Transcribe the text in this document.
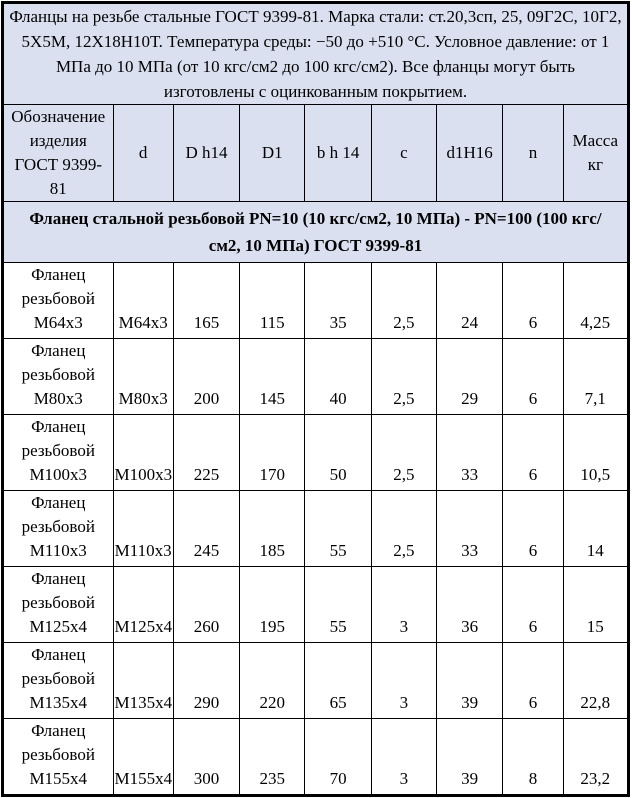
Фланцы на резьбе стальные ГОСТ 9399-81. Марка стали: ст.20,3сп, 25, 09Г2С, 10Г2, 5Х5М, 12Х18Н10Т. Температура среды: −50 до +510 °С. Условное давление: от 1 МПа до 10 МПа (от 10 кгс/см2 до 100 кгс/см2). Все фланцы могут быть изготовлены с оцинкованным покрытием.								
Обозначение изделия ГОСТ 9399-81	d	D h14	D1	b h 14	c	d1H16	n	Масса кг
Фланец стальной резьбовой PN=10 (10 кгс/см2, 10 МПа) - PN=100 (100 кгс/см2, 10 МПа) ГОСТ 9399-81								
Фланец резьбовой М64х3	М64х3	165	115	35	2,5	24	6	4,25
Фланец резьбовой М80х3	М80х3	200	145	40	2,5	29	6	7,1
Фланец резьбовой М100х3	М100х3	225	170	50	2,5	33	6	10,5
Фланец резьбовой М110х3	М110х3	245	185	55	2,5	33	6	14
Фланец резьбовой М125х4	М125х4	260	195	55	3	36	6	15
Фланец резьбовой М135х4	М135х4	290	220	65	3	39	6	22,8
Фланец резьбовой М155х4	М155х4	300	235	70	3	39	8	23,2
